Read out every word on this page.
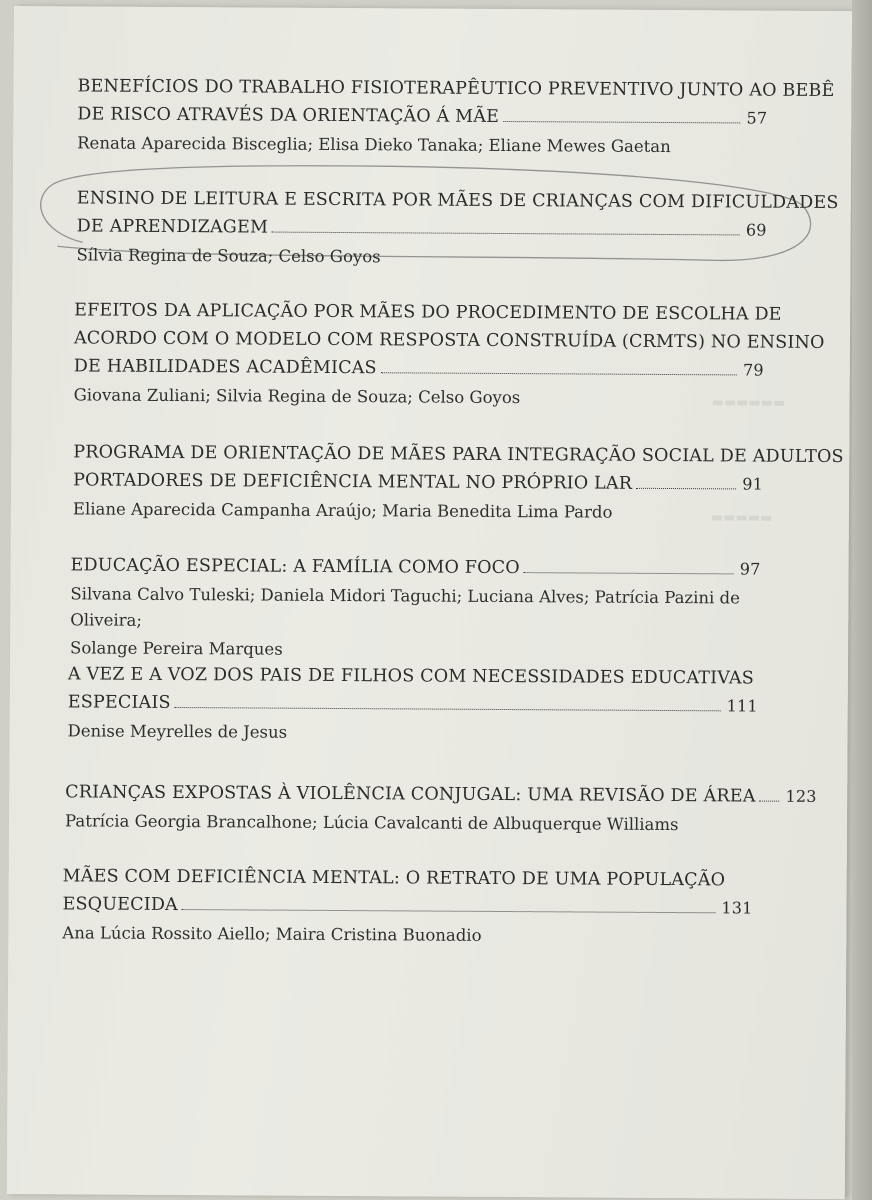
▬▬▬▬▬▬
▬▬▬▬▬
BENEFÍCIOS DO TRABALHO FISIOTERAPÊUTICO PREVENTIVO JUNTO AO BEBÊ
DE RISCO ATRAVÉS DA ORIENTAÇÃO Á MÃE	57
Renata Aparecida Bisceglia; Elisa Dieko Tanaka; Eliane Mewes Gaetan
ENSINO DE LEITURA E ESCRITA POR MÃES DE CRIANÇAS COM DIFICULDADES
DE APRENDIZAGEM	69
Sílvia Regina de Souza; Celso Goyos
EFEITOS DA APLICAÇÃO POR MÃES DO PROCEDIMENTO DE ESCOLHA DE
ACORDO COM O MODELO COM RESPOSTA CONSTRUÍDA (CRMTS) NO ENSINO
DE HABILIDADES ACADÊMICAS	79
Giovana Zuliani; Silvia Regina de Souza; Celso Goyos
PROGRAMA DE ORIENTAÇÃO DE MÃES PARA INTEGRAÇÃO SOCIAL DE ADULTOS
PORTADORES DE DEFICIÊNCIA MENTAL NO PRÓPRIO LAR	91
Eliane Aparecida Campanha Araújo; Maria Benedita Lima Pardo
EDUCAÇÃO ESPECIAL: A FAMÍLIA COMO FOCO	97
Silvana Calvo Tuleski; Daniela Midori Taguchi; Luciana Alves; Patrícia Pazini de Oliveira;
Solange Pereira Marques
A VEZ E A VOZ DOS PAIS DE FILHOS COM NECESSIDADES EDUCATIVAS
ESPECIAIS	111
Denise Meyrelles de Jesus
CRIANÇAS EXPOSTAS À VIOLÊNCIA CONJUGAL: UMA REVISÃO DE ÁREA 123
Patrícia Georgia Brancalhone; Lúcia Cavalcanti de Albuquerque Williams
MÃES COM DEFICIÊNCIA MENTAL: O RETRATO DE UMA POPULAÇÃO
ESQUECIDA	131
Ana Lúcia Rossito Aiello; Maira Cristina Buonadio
